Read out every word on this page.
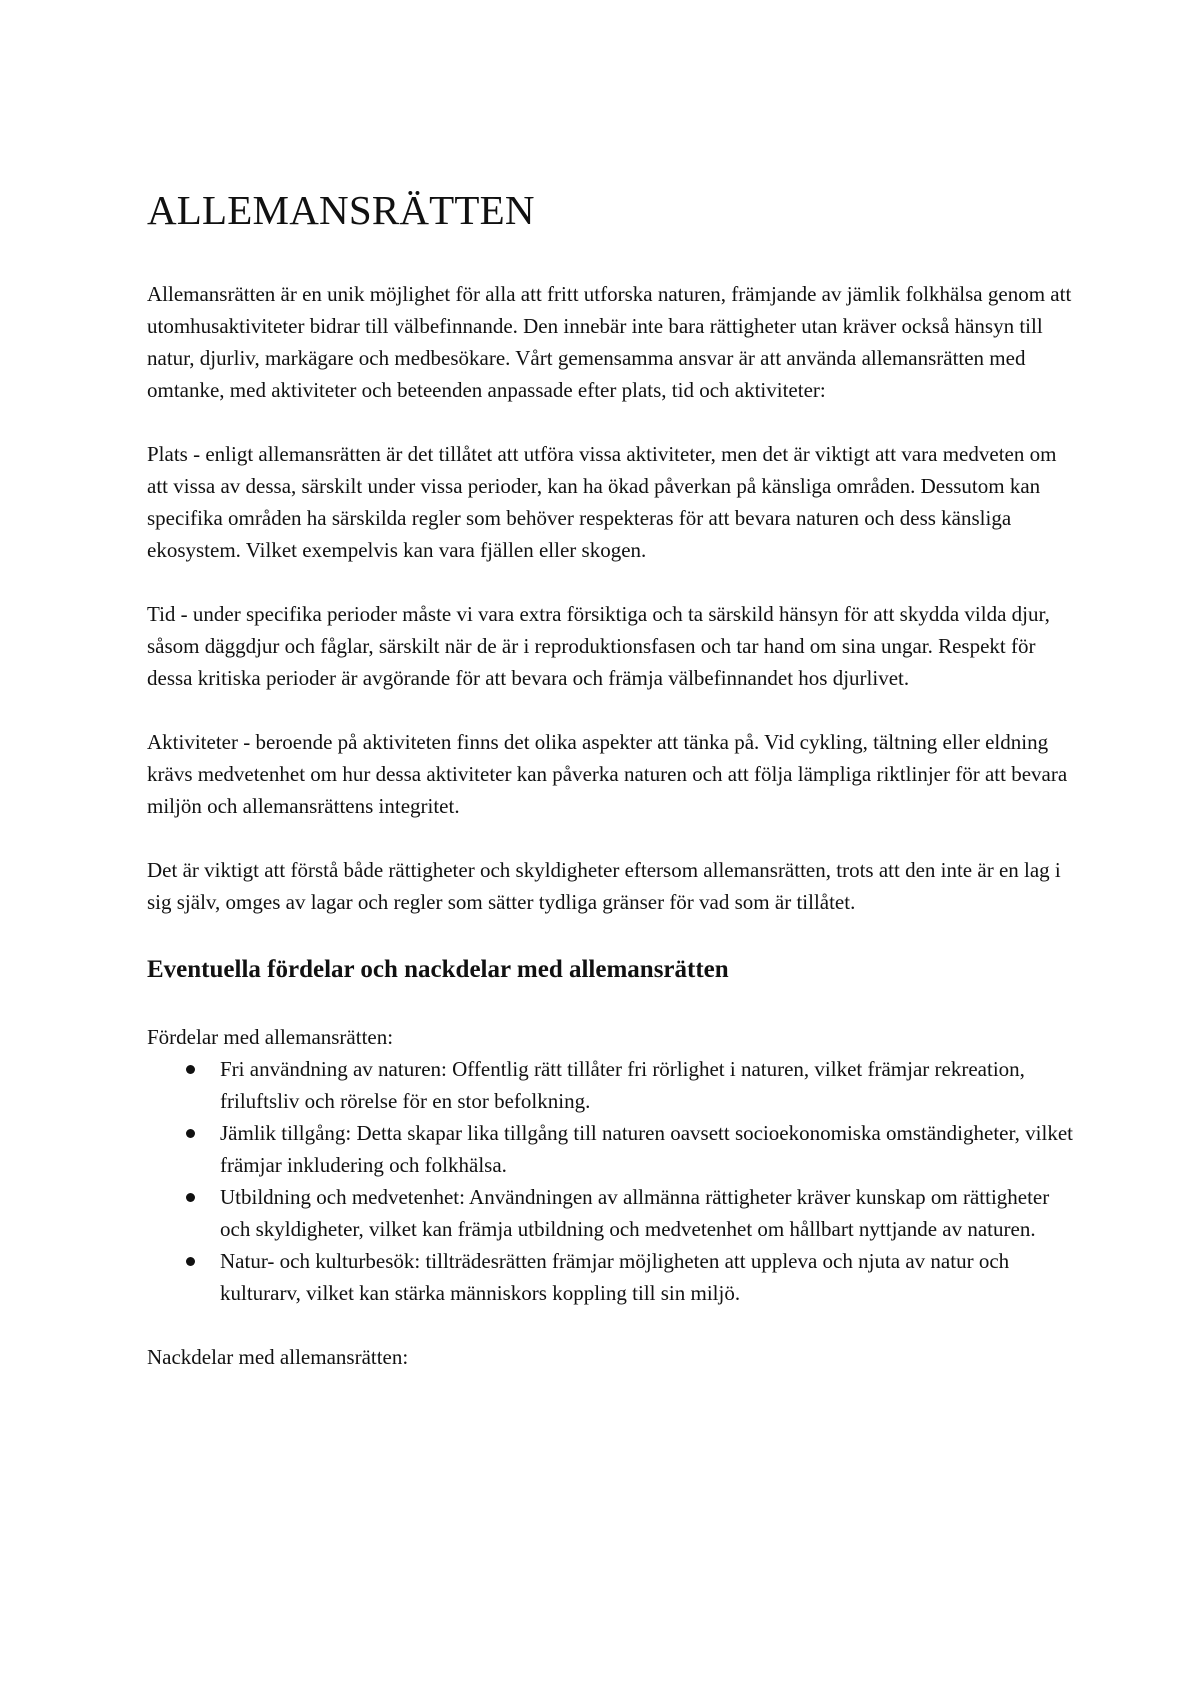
ALLEMANSRÄTTEN

Allemansrätten är en unik möjlighet för alla att fritt utforska naturen, främjande av jämlik folkhälsa genom att utomhusaktiviteter bidrar till välbefinnande. Den innebär inte bara rättigheter utan kräver också hänsyn till natur, djurliv, markägare och medbesökare. Vårt gemensamma ansvar är att använda allemansrätten med omtanke, med aktiviteter och beteenden anpassade efter plats, tid och aktiviteter:

Plats - enligt allemansrätten är det tillåtet att utföra vissa aktiviteter, men det är viktigt att vara medveten om att vissa av dessa, särskilt under vissa perioder, kan ha ökad påverkan på känsliga områden. Dessutom kan specifika områden ha särskilda regler som behöver respekteras för att bevara naturen och dess känsliga ekosystem. Vilket exempelvis kan vara fjällen eller skogen.

Tid - under specifika perioder måste vi vara extra försiktiga och ta särskild hänsyn för att skydda vilda djur, såsom däggdjur och fåglar, särskilt när de är i reproduktionsfasen och tar hand om sina ungar. Respekt för dessa kritiska perioder är avgörande för att bevara och främja välbefinnandet hos djurlivet.

Aktiviteter - beroende på aktiviteten finns det olika aspekter att tänka på. Vid cykling, tältning eller eldning krävs medvetenhet om hur dessa aktiviteter kan påverka naturen och att följa lämpliga riktlinjer för att bevara miljön och allemansrättens integritet.

Det är viktigt att förstå både rättigheter och skyldigheter eftersom allemansrätten, trots att den inte är en lag i sig själv, omges av lagar och regler som sätter tydliga gränser för vad som är tillåtet.

Eventuella fördelar och nackdelar med allemansrätten

Fördelar med allemansrätten:

Fri användning av naturen: Offentlig rätt tillåter fri rörlighet i naturen, vilket främjar rekreation, friluftsliv och rörelse för en stor befolkning.
Jämlik tillgång: Detta skapar lika tillgång till naturen oavsett socioekonomiska omständigheter, vilket främjar inkludering och folkhälsa.
Utbildning och medvetenhet: Användningen av allmänna rättigheter kräver kunskap om rättigheter och skyldigheter, vilket kan främja utbildning och medvetenhet om hållbart nyttjande av naturen.
Natur- och kulturbesök: tillträdesrätten främjar möjligheten att uppleva och njuta av natur och kulturarv, vilket kan stärka människors koppling till sin miljö.

Nackdelar med allemansrätten:
